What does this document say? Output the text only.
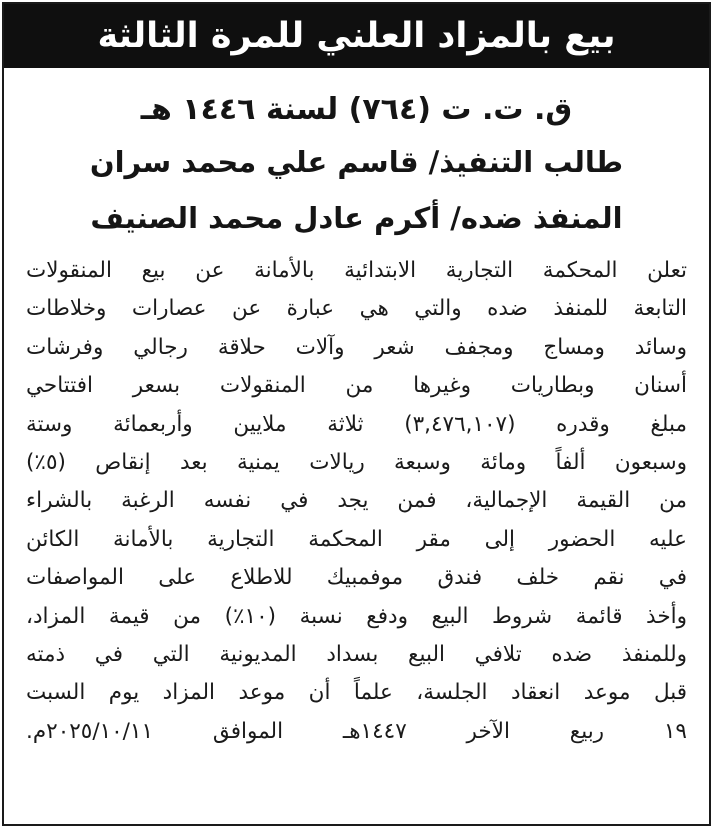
بيع بالمزاد العلني للمرة الثالثة
ق. ت. ت (٧٦٤) لسنة ١٤٤٦ هـ
طالب التنفيذ/ قاسم علي محمد سران
المنفذ ضده/ أكرم عادل محمد الصنيف
تعلن المحكمة التجارية الابتدائية بالأمانة عن بيع المنقولات
التابعة للمنفذ ضده والتي هي عبارة عن عصارات وخلاطات
وسائد ومساج ومجفف شعر وآلات حلاقة رجالي وفرشات
أسنان وبطاريات وغيرها من المنقولات بسعر افتتاحي
مبلغ وقدره (٣,٤٧٦,١٠٧) ثلاثة ملايين وأربعمائة وستة
وسبعون ألفاً ومائة وسبعة ريالات يمنية بعد إنقاص (٥٪)
من القيمة الإجمالية، فمن يجد في نفسه الرغبة بالشراء
عليه الحضور إلى مقر المحكمة التجارية بالأمانة الكائن
في نقم خلف فندق موفمبيك للاطلاع على المواصفات
وأخذ قائمة شروط البيع ودفع نسبة (١٠٪) من قيمة المزاد،
وللمنفذ ضده تلافي البيع بسداد المديونية التي في ذمته
قبل موعد انعقاد الجلسة، علماً أن موعد المزاد يوم السبت
١٩ ربيع الآخر ١٤٤٧هـ الموافق ٢٠٢٥/١٠/١١م.
